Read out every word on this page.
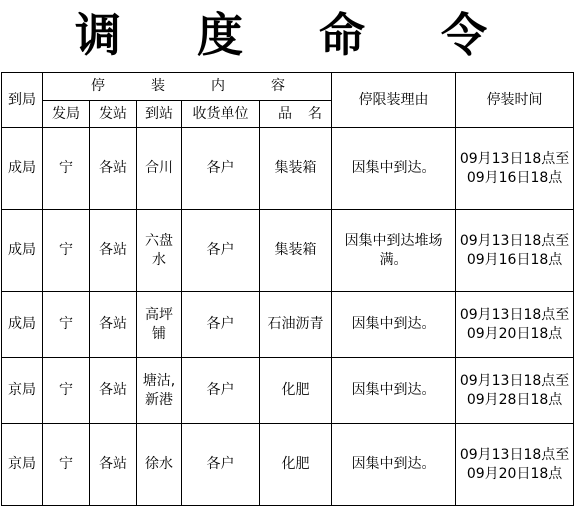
调 度 命 令
到局	停装内容					停限装理由	停装时间
	发局	发站	到站	收货单位	品名		
成局	宁	各站	合川	各户	集装箱	因集中到达。	09月13日18点至
09月16日18点

成局	宁	各站	六盘水	各户	集装箱	因集中到达堆场满。	09月13日18点至
09月16日18点

成局	宁	各站	高坪铺	各户	石油沥青	因集中到达。	09月13日18点至
09月20日18点

京局	宁	各站	塘沽,新港	各户	化肥	因集中到达。	09月13日18点至
09月28日18点

京局	宁	各站	徐水	各户	化肥	因集中到达。	09月13日18点至
09月20日18点
